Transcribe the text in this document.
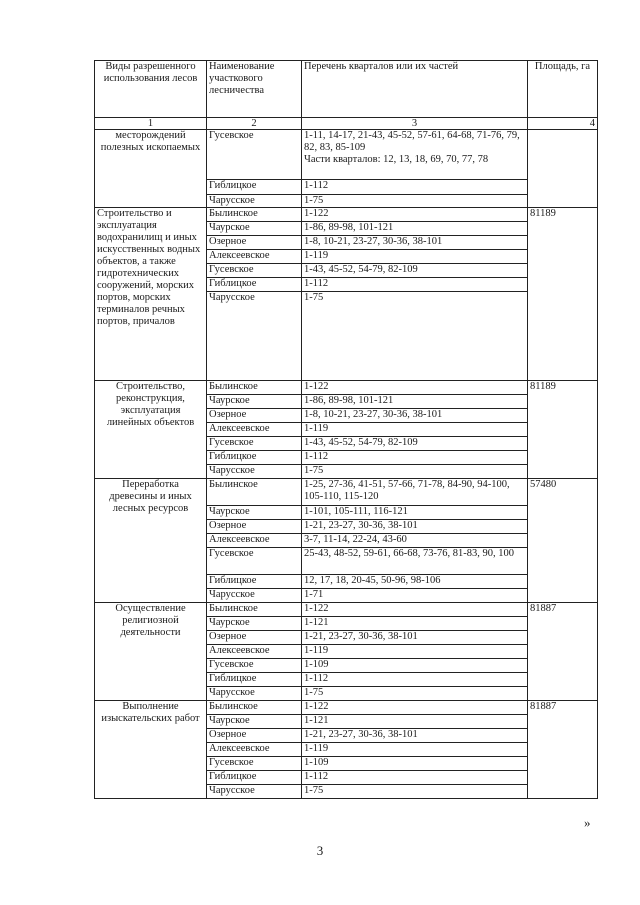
Виды разрешенного использования лесов	Наименование участкового лесничества	Перечень кварталов или их частей	Площадь, га
1	2	3	4
месторождений полезных ископаемых	Гусевское	1-11, 14-17, 21-43, 45-52, 57-61, 64-68, 71-76, 79, 82, 83, 85-109
Части кварталов: 12, 13, 18, 69, 70, 77, 78	

	Гиблицкое	1-112	

	Чарусское	1-75	

Строительство и эксплуатация водохранилищ и иных искусственных водных объектов, а также гидротехнических сооружений, морских портов, морских терминалов речных портов, причалов	Былинское	1-122	81189
	Чаурское	1-86, 89-98, 101-121	

	Озерное	1-8, 10-21, 23-27, 30-36, 38-101	

	Алексеевское	1-119	

	Гусевское	1-43, 45-52, 54-79, 82-109	

	Гиблицкое	1-112	

	Чарусское	1-75	

Строительство, реконструкция, эксплуатация линейных объектов	Былинское	1-122	81189
	Чаурское	1-86, 89-98, 101-121	

	Озерное	1-8, 10-21, 23-27, 30-36, 38-101	

	Алексеевское	1-119	

	Гусевское	1-43, 45-52, 54-79, 82-109	

	Гиблицкое	1-112	

	Чарусское	1-75	

Переработка древесины и иных лесных ресурсов	Былинское	1-25, 27-36, 41-51, 57-66, 71-78, 84-90, 94-100, 105-110, 115-120	57480
	Чаурское	1-101, 105-111, 116-121	

	Озерное	1-21, 23-27, 30-36, 38-101	

	Алексеевское	3-7, 11-14, 22-24, 43-60	

	Гусевское	25-43, 48-52, 59-61, 66-68, 73-76, 81-83, 90, 100	

	Гиблицкое	12, 17, 18, 20-45, 50-96, 98-106	

	Чарусское	1-71	

Осуществление религиозной деятельности	Былинское	1-122	81887
	Чаурское	1-121	

	Озерное	1-21, 23-27, 30-36, 38-101	

	Алексеевское	1-119	

	Гусевское	1-109	

	Гиблицкое	1-112	

	Чарусское	1-75	

Выполнение изыскательских работ	Былинское	1-122	81887
	Чаурское	1-121	

	Озерное	1-21, 23-27, 30-36, 38-101	

	Алексеевское	1-119	

	Гусевское	1-109	

	Гиблицкое	1-112	

	Чарусское	1-75	
»
3
